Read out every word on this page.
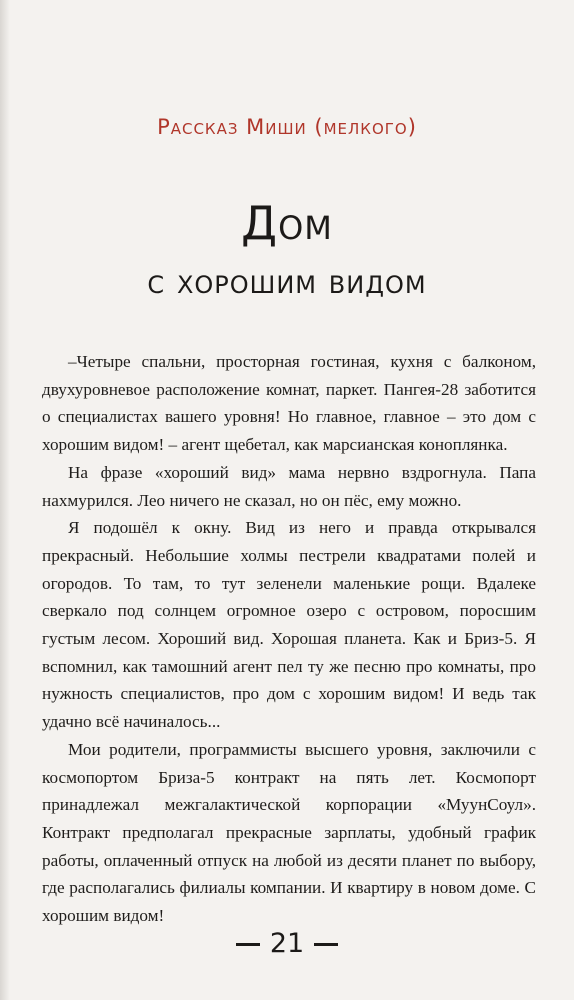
Рассказ Миши (мелкого)
Дом
с хорошим видом

–Четыре спальни, просторная гостиная, кухня с балконом, двухуровневое расположение комнат, паркет. Пангея-28 заботится о специалистах вашего уровня! Но главное, главное – это дом с хорошим видом! – агент щебетал, как марсианская коноплянка.

На фразе «хороший вид» мама нервно вздрогнула. Папа нахмурился. Лео ничего не сказал, но он пёс, ему можно.

Я подошёл к окну. Вид из него и правда открывался прекрасный. Небольшие холмы пестрели квадратами полей и огородов. То там, то тут зеленели маленькие рощи. Вдалеке сверкало под солнцем огромное озеро с островом, поросшим густым лесом. Хороший вид. Хорошая планета. Как и Бриз-5. Я вспомнил, как тамошний агент пел ту же песню про комнаты, про нужность специалистов, про дом с хорошим видом! И ведь так удачно всё начиналось...

Мои родители, программисты высшего уровня, заключили с космопортом Бриза-5 контракт на пять лет. Космопорт принадлежал межгалактической корпорации «МуунСоул». Контракт предполагал прекрасные зарплаты, удобный график работы, оплаченный отпуск на любой из десяти планет по выбору, где располагались филиалы компании. И квартиру в новом доме. С хорошим видом!

21
